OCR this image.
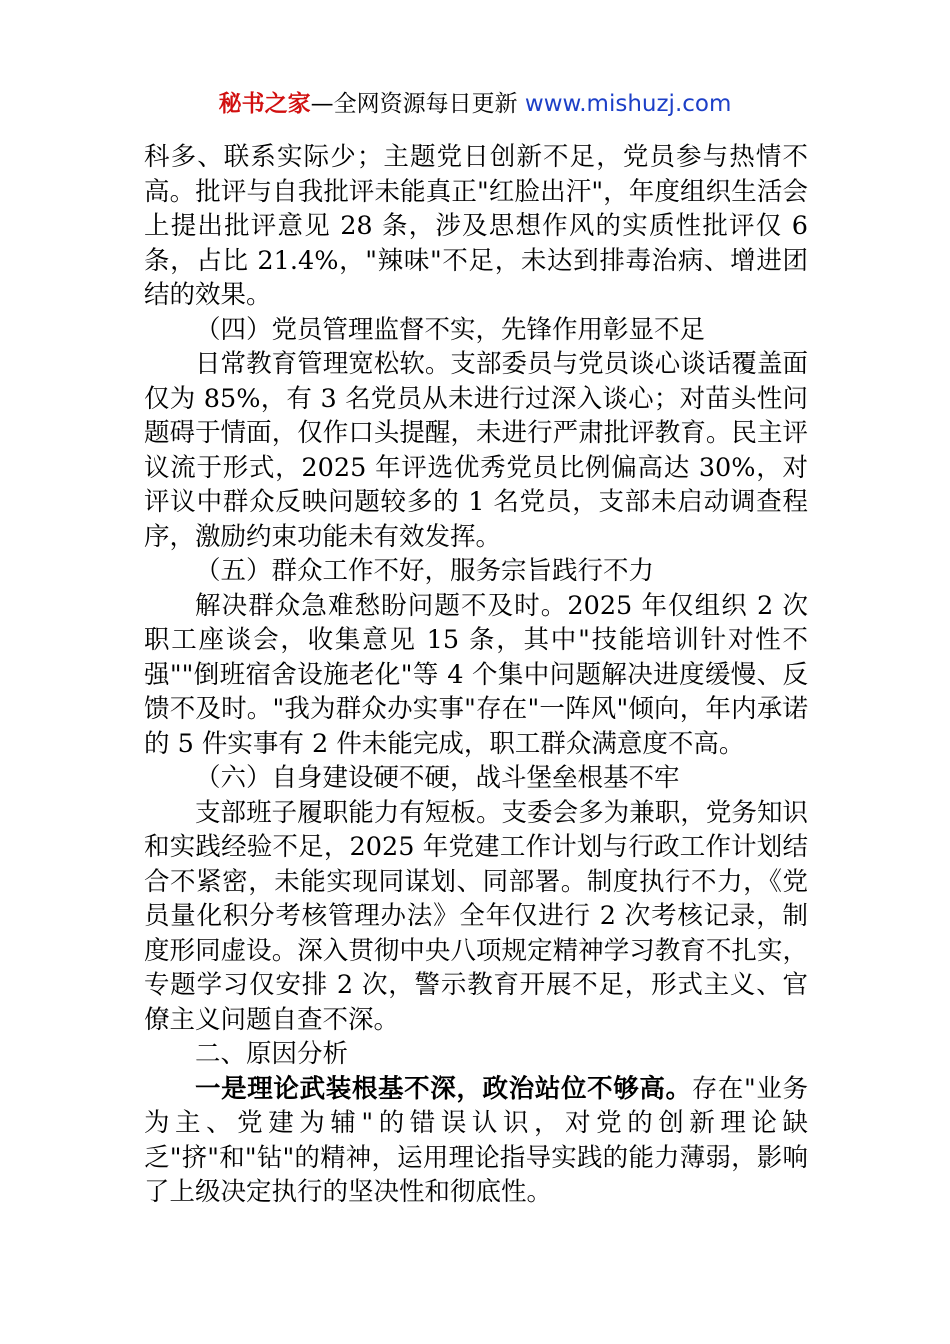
秘书之家—全网资源每日更新 www.mishuzj.com

科多、联系实际少；主题党日创新不足，党员参与热情不高。批评与自我批评未能真正"红脸出汗"，年度组织生活会上提出批评意见 28 条，涉及思想作风的实质性批评仅 6 条，占比 21.4%，"辣味"不足，未达到排毒治病、增进团结的效果。

（四）党员管理监督不实，先锋作用彰显不足

日常教育管理宽松软。支部委员与党员谈心谈话覆盖面仅为 85%，有 3 名党员从未进行过深入谈心；对苗头性问题碍于情面，仅作口头提醒，未进行严肃批评教育。民主评议流于形式，2025 年评选优秀党员比例偏高达 30%，对评议中群众反映问题较多的 1 名党员，支部未启动调查程序，激励约束功能未有效发挥。

（五）群众工作不好，服务宗旨践行不力

解决群众急难愁盼问题不及时。2025 年仅组织 2 次职工座谈会，收集意见 15 条，其中"技能培训针对性不强""倒班宿舍设施老化"等 4 个集中问题解决进度缓慢、反馈不及时。"我为群众办实事"存在"一阵风"倾向，年内承诺的 5 件实事有 2 件未能完成，职工群众满意度不高。

（六）自身建设硬不硬，战斗堡垒根基不牢

支部班子履职能力有短板。支委会多为兼职，党务知识和实践经验不足，2025 年党建工作计划与行政工作计划结合不紧密，未能实现同谋划、同部署。制度执行不力，《党员量化积分考核管理办法》全年仅进行 2 次考核记录，制度形同虚设。深入贯彻中央八项规定精神学习教育不扎实，专题学习仅安排 2 次，警示教育开展不足，形式主义、官僚主义问题自查不深。

二、原因分析

一是理论武装根基不深，政治站位不够高。存在"业务为主、党建为辅"的错误认识，对党的创新理论缺乏"挤"和"钻"的精神，运用理论指导实践的能力薄弱，影响了上级决定执行的坚决性和彻底性。
